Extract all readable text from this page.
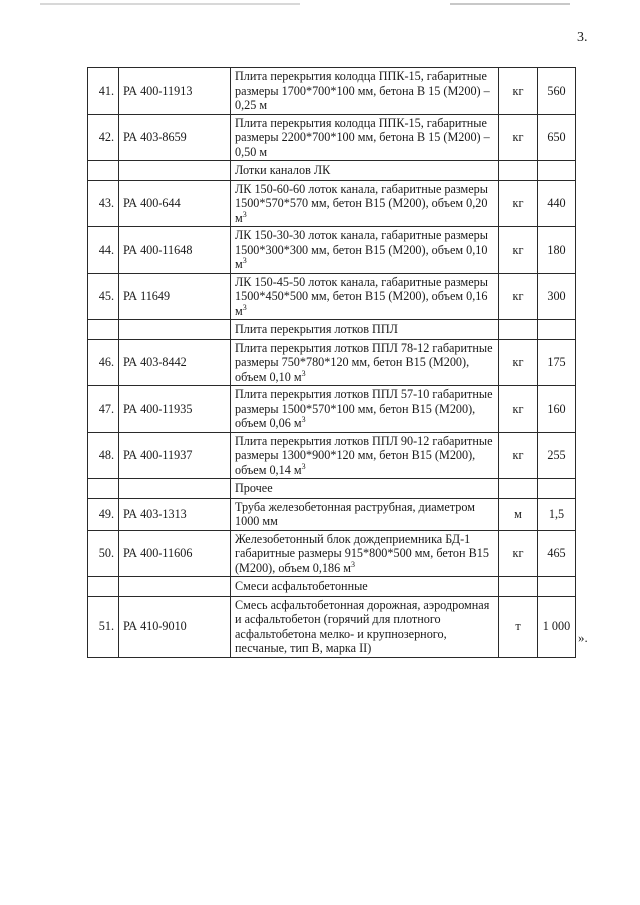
3.
41.	РА 400-11913	Плита перекрытия колодца ППК-15, габаритные размеры 1700*700*100 мм, бетона В 15 (М200) – 0,25 м	кг	560
42.	РА 403-8659	Плита перекрытия колодца ППК-15, габаритные размеры 2200*700*100 мм, бетона В 15 (М200) – 0,50 м	кг	650
		Лотки каналов ЛК		
43.	РА 400-644	ЛК 150-60-60 лоток канала, габаритные размеры 1500*570*570 мм, бетон B15 (М200), объем 0,20 $м^3$	кг	440
44.	РА 400-11648	ЛК 150-30-30 лоток канала, габаритные размеры 1500*300*300 мм, бетон B15 (М200), объем 0,10 $м^3$	кг	180
45.	РА 11649	ЛК 150-45-50 лоток канала, габаритные размеры 1500*450*500 мм, бетон B15 (М200), объем 0,16 $м^3$	кг	300
		Плита перекрытия лотков ППЛ		
46.	РА 403-8442	Плита перекрытия лотков ППЛ 78-12 габаритные размеры 750*780*120 мм, бетон B15 (М200), объем 0,10 $м^3$	кг	175
47.	РА 400-11935	Плита перекрытия лотков ППЛ 57-10 габаритные размеры 1500*570*100 мм, бетон B15 (М200), объем 0,06 $м^3$	кг	160
48.	РА 400-11937	Плита перекрытия лотков ППЛ 90-12 габаритные размеры 1300*900*120 мм, бетон B15 (М200), объем 0,14 $м^3$	кг	255
		Прочее		
49.	РА 403-1313	Труба железобетонная раструбная, диаметром 1000 мм	м	1,5
50.	РА 400-11606	Железобетонный блок дождеприемника БД-1 габаритные размеры 915*800*500 мм, бетон B15 (М200), объем 0,186 $м^3$	кг	465
		Смеси асфальтобетонные		
51.	РА 410-9010	Смесь асфальтобетонная дорожная, аэродромная и асфальтобетон (горячий для плотного асфальтобетона мелко- и крупнозерного, песчаные, тип В, марка II)	т	1 000
».
